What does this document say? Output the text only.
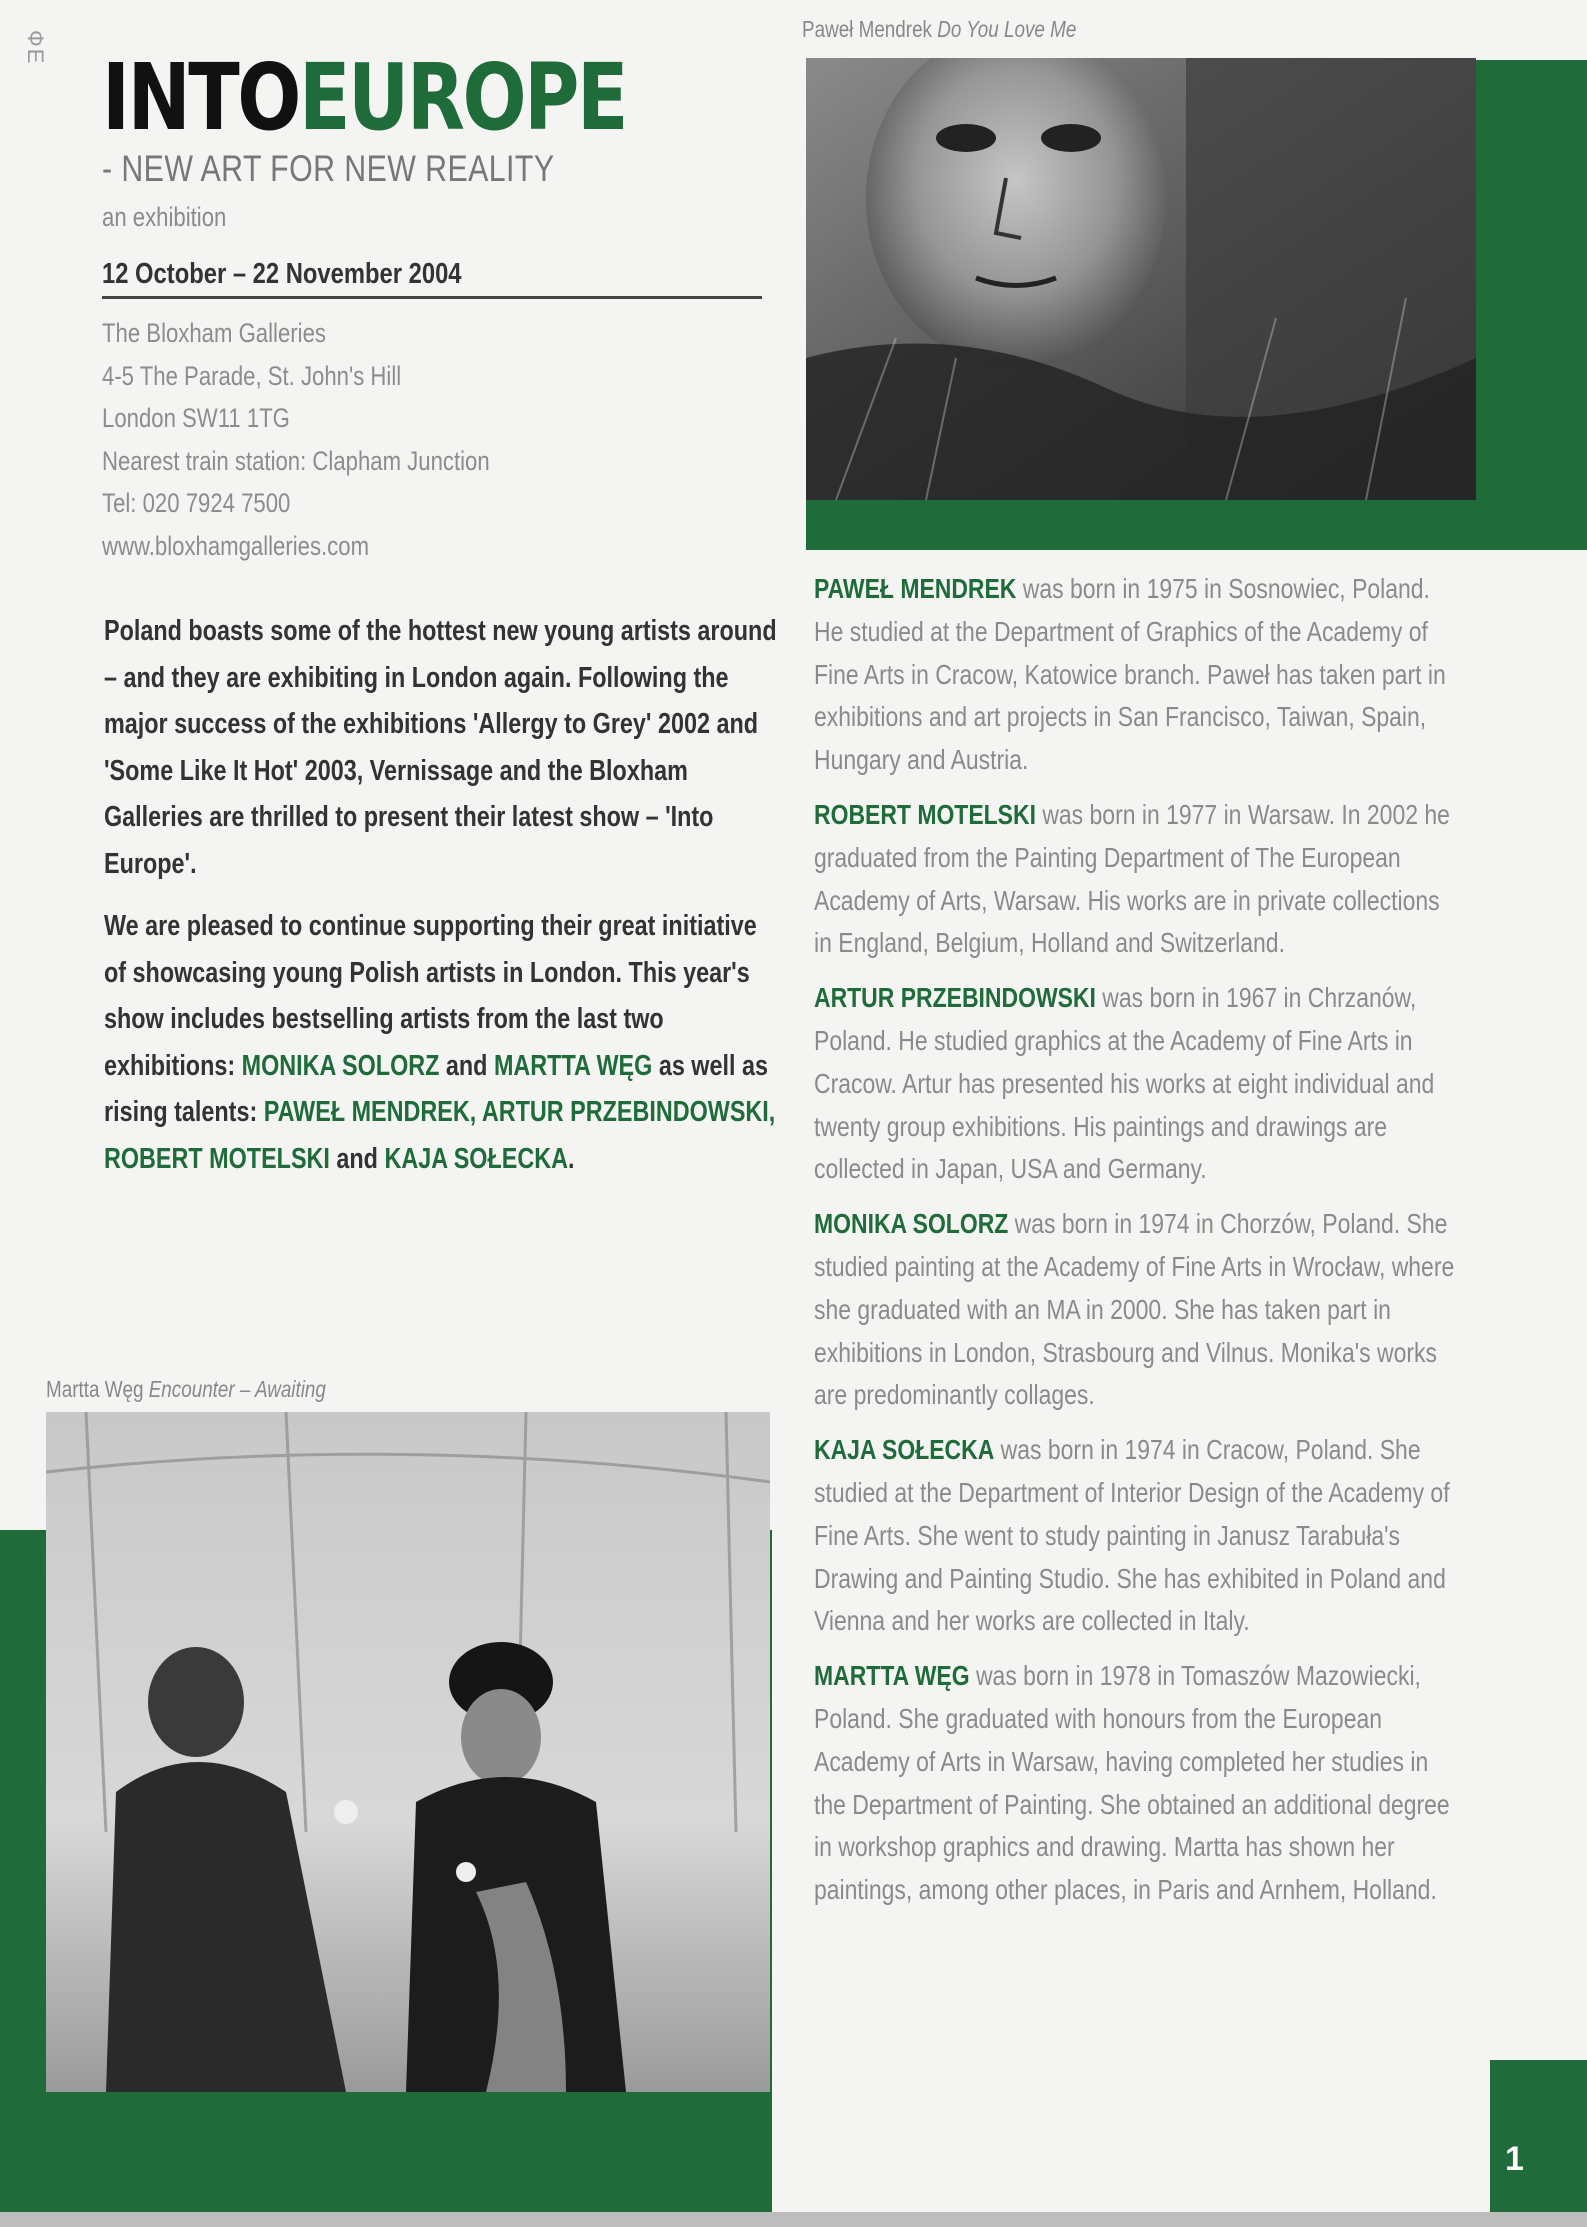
ФЕ INTOEUROPE
- NEW ART FOR NEW REALITY
an exhibition
12 October – 22 November 2004
The Bloxham Galleries
4-5 The Parade, St. John's Hill
London SW11 1TG
Nearest train station: Clapham Junction
Tel: 020 7924 7500
www.bloxhamgalleries.com

Poland boasts some of the hottest new young artists around – and they are exhibiting in London again. Following the major success of the exhibitions 'Allergy to Grey' 2002 and 'Some Like It Hot' 2003, Vernissage and the Bloxham Galleries are thrilled to present their latest show – 'Into Europe'.

We are pleased to continue supporting their great initiative of showcasing young Polish artists in London. This year's show includes bestselling artists from the last two exhibitions: MONIKA SOLORZ and MARTTA WĘG as well as rising talents: PAWEŁ MENDREK, ARTUR PRZEBINDOWSKI, ROBERT MOTELSKI and KAJA SOŁECKA.

Paweł Mendrek Do You Love Me
Martta Węg Encounter – Awaiting

PAWEŁ MENDREK was born in 1975 in Sosnowiec, Poland. He studied at the Department of Graphics of the Academy of Fine Arts in Cracow, Katowice branch. Paweł has taken part in exhibitions and art projects in San Francisco, Taiwan, Spain, Hungary and Austria.

ROBERT MOTELSKI was born in 1977 in Warsaw. In 2002 he graduated from the Painting Department of The European Academy of Arts, Warsaw. His works are in private collections in England, Belgium, Holland and Switzerland.

ARTUR PRZEBINDOWSKI was born in 1967 in Chrzanów, Poland. He studied graphics at the Academy of Fine Arts in Cracow. Artur has presented his works at eight individual and twenty group exhibitions. His paintings and drawings are collected in Japan, USA and Germany.

MONIKA SOLORZ was born in 1974 in Chorzów, Poland. She studied painting at the Academy of Fine Arts in Wrocław, where she graduated with an MA in 2000. She has taken part in exhibitions in London, Strasbourg and Vilnus. Monika's works are predominantly collages.

KAJA SOŁECKA was born in 1974 in Cracow, Poland. She studied at the Department of Interior Design of the Academy of Fine Arts. She went to study painting in Janusz Tarabuła's Drawing and Painting Studio. She has exhibited in Poland and Vienna and her works are collected in Italy.

MARTTA WĘG was born in 1978 in Tomaszów Mazowiecki, Poland. She graduated with honours from the European Academy of Arts in Warsaw, having completed her studies in the Department of Painting. She obtained an additional degree in workshop graphics and drawing. Martta has shown her paintings, among other places, in Paris and Arnhem, Holland.

1
